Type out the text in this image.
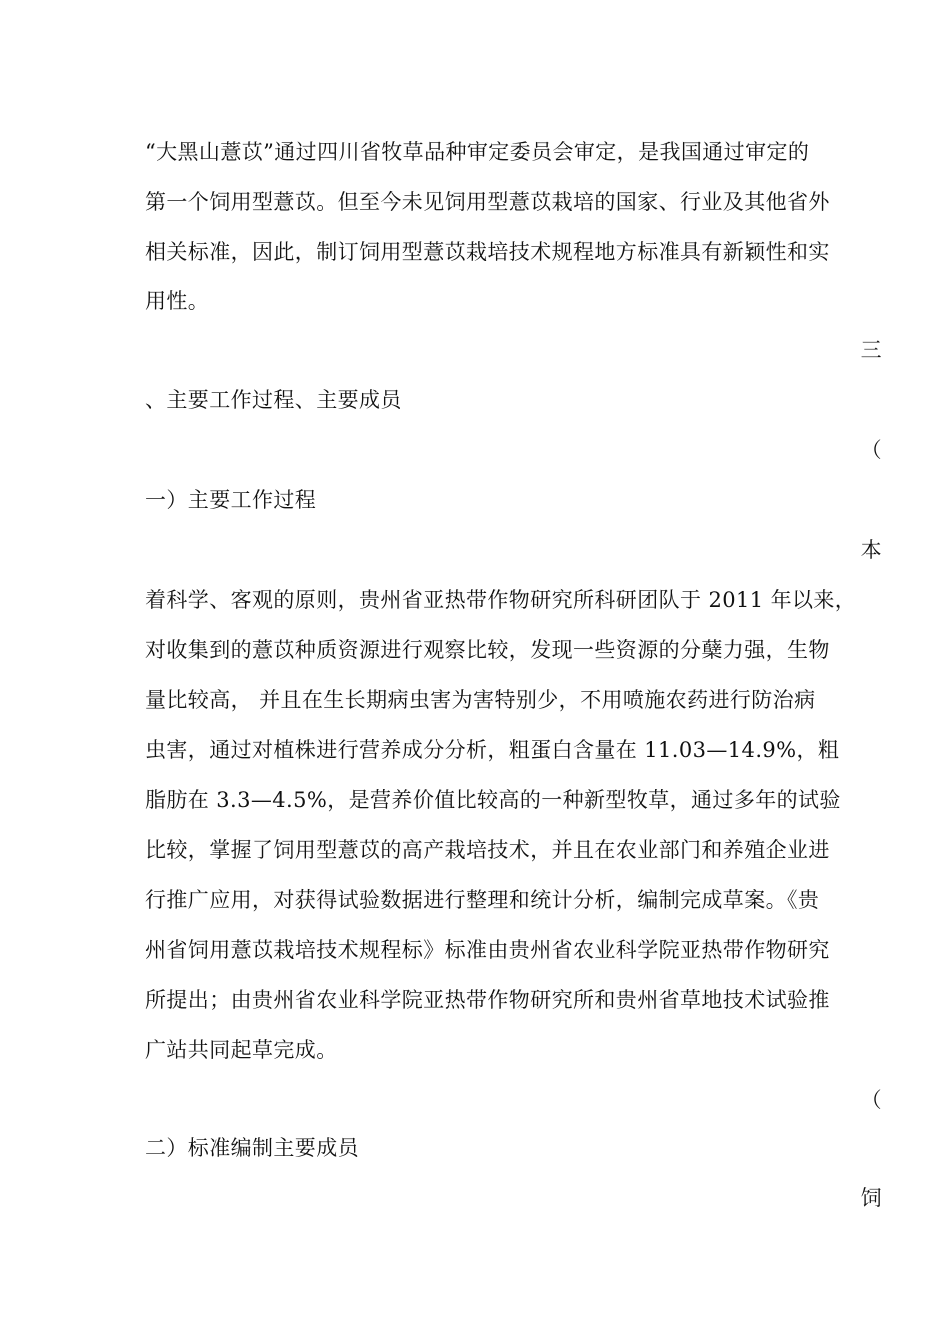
“大黑山薏苡”通过四川省牧草品种审定委员会审定，是我国通过审定的
第一个饲用型薏苡。但至今未见饲用型薏苡栽培的国家、行业及其他省外
相关标准，因此，制订饲用型薏苡栽培技术规程地方标准具有新颖性和实
用性。
三
、主要工作过程、主要成员
（
一）主要工作过程
本
着科学、客观的原则，贵州省亚热带作物研究所科研团队于 2011 年以来，
对收集到的薏苡种质资源进行观察比较，发现一些资源的分蘖力强，生物
量比较高， 并且在生长期病虫害为害特别少，不用喷施农药进行防治病
虫害，通过对植株进行营养成分分析，粗蛋白含量在 11.03—14.9%，粗
脂肪在 3.3—4.5%，是营养价值比较高的一种新型牧草，通过多年的试验
比较，掌握了饲用型薏苡的高产栽培技术，并且在农业部门和养殖企业进
行推广应用，对获得试验数据进行整理和统计分析，编制完成草案。《贵
州省饲用薏苡栽培技术规程标》标准由贵州省农业科学院亚热带作物研究
所提出；由贵州省农业科学院亚热带作物研究所和贵州省草地技术试验推
广站共同起草完成。
（
二）标准编制主要成员
饲
